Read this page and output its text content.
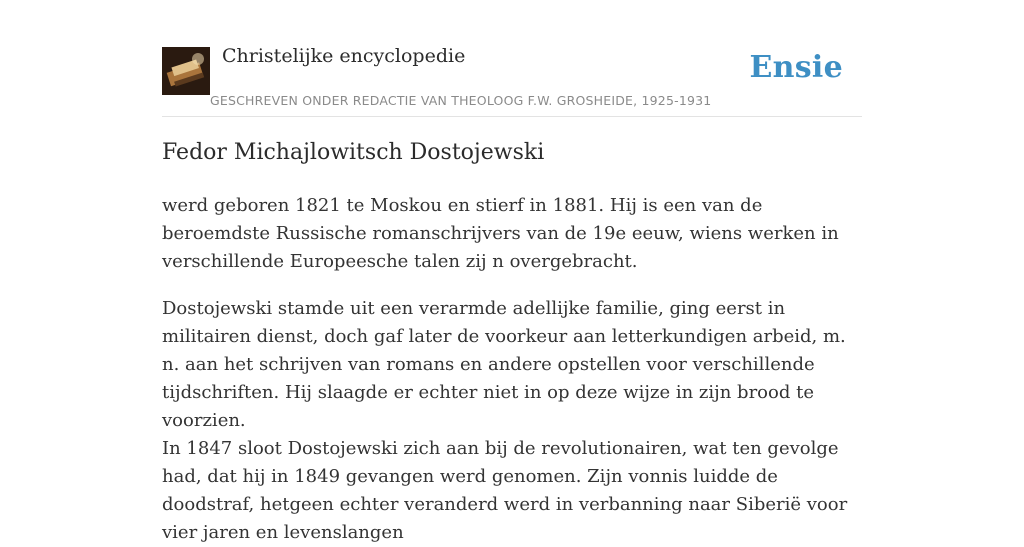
Christelijke encyclopedie
GESCHREVEN ONDER REDACTIE VAN THEOLOOG F.W. GROSHEIDE, 1925-1931
Ensie
Fedor Michajlowitsch Dostojewski

werd geboren 1821 te Moskou en stierf in 1881. Hij is een van de beroemdste Russische romanschrijvers van de 19e eeuw, wiens werken in verschillende Europeesche talen zij n overgebracht.

Dostojewski stamde uit een verarmde adellijke familie, ging eerst in militairen dienst, doch gaf later de voorkeur aan letterkundigen arbeid, m. n. aan het schrijven van romans en andere opstellen voor verschillende tijdschriften. Hij slaagde er echter niet in op deze wijze in zijn brood te voorzien.

In 1847 sloot Dostojewski zich aan bij de revolutionairen, wat ten gevolge had, dat hij in 1849 gevangen werd genomen. Zijn vonnis luidde de doodstraf, hetgeen echter veranderd werd in verbanning naar Siberië voor vier jaren en levenslangen
